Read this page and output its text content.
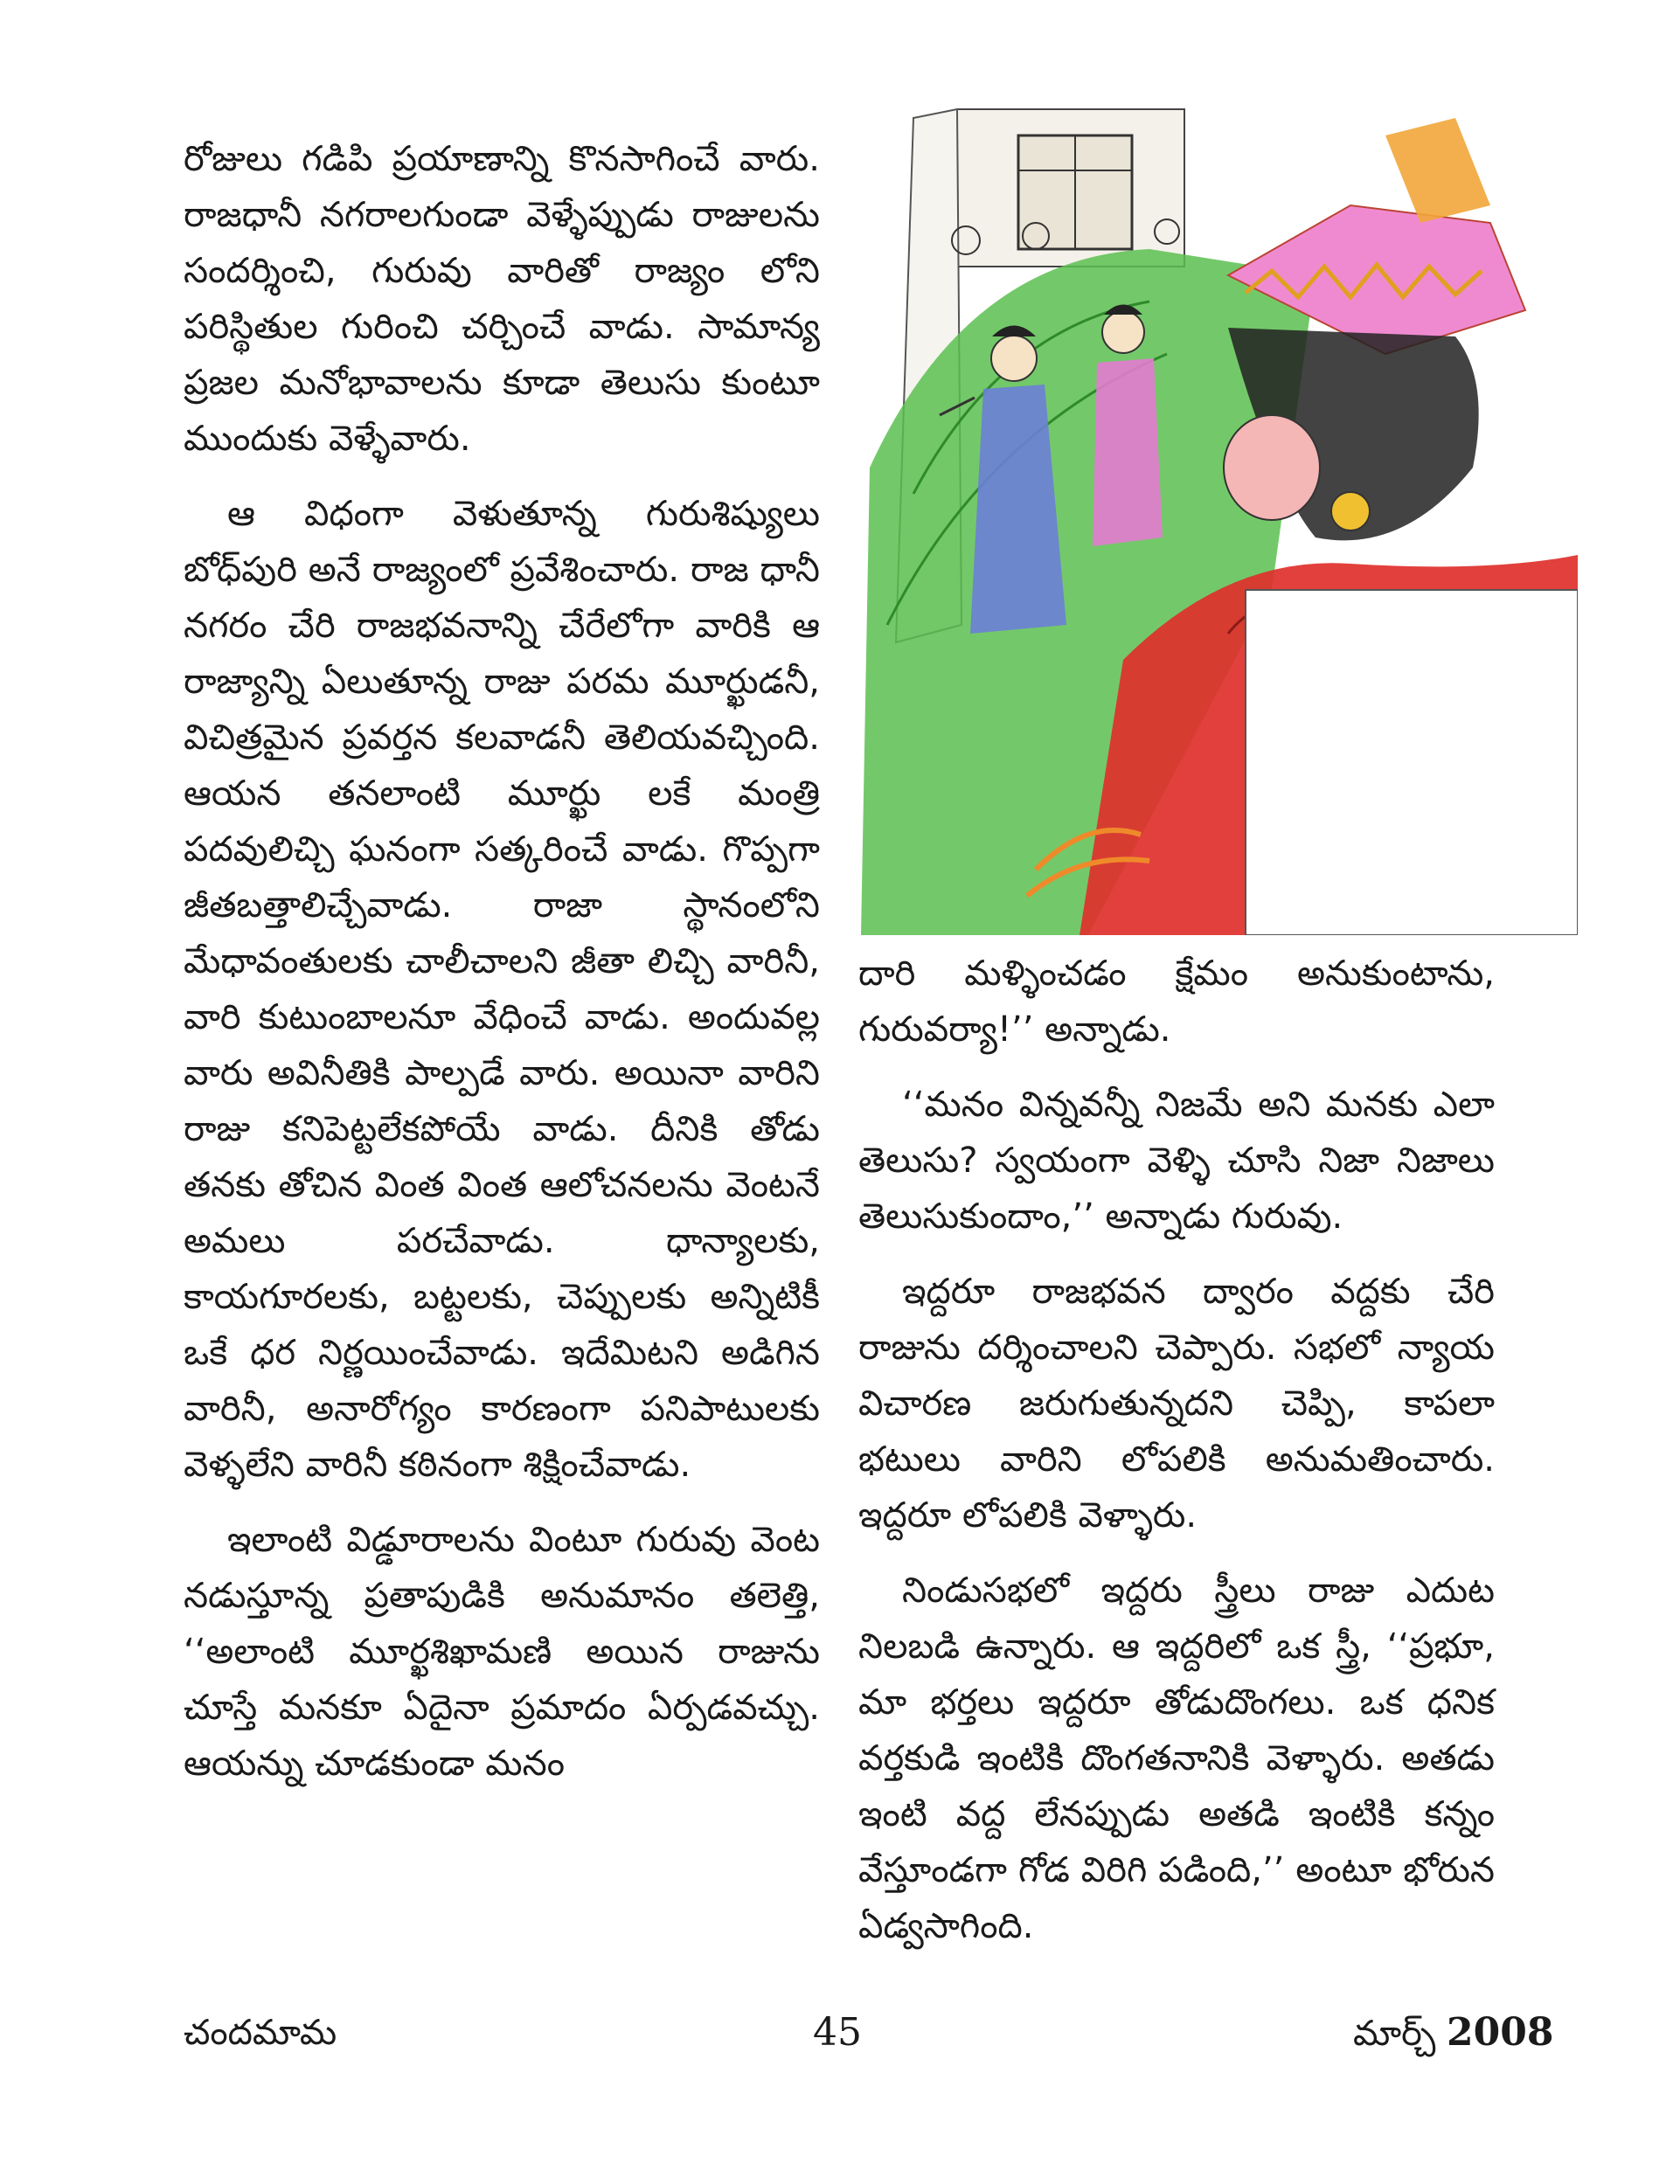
రోజులు గడిపి ప్రయాణాన్ని కొనసాగించే వారు. రాజధానీ నగరాలగుండా వెళ్ళేప్పుడు రాజులను సందర్శించి, గురువు వారితో రాజ్యం లోని పరిస్థితుల గురించి చర్చించే వాడు. సామాన్య ప్రజల మనోభావాలను కూడా తెలుసు కుంటూ ముందుకు వెళ్ళేవారు.

ఆ విధంగా వెళుతూన్న గురుశిష్యులు బోధ్‌పురి అనే రాజ్యంలో ప్రవేశించారు. రాజ ధానీ నగరం చేరి రాజభవనాన్ని చేరేలోగా వారికి ఆ రాజ్యాన్ని ఏలుతూన్న రాజు పరమ మూర్ఖుడనీ, విచిత్రమైన ప్రవర్తన కలవాడనీ తెలియవచ్చింది. ఆయన తనలాంటి మూర్ఖు లకే మంత్రి పదవులిచ్చి ఘనంగా సత్కరించే వాడు. గొప్పగా జీతబత్తాలిచ్చేవాడు. రాజా స్థానంలోని మేధావంతులకు చాలీచాలని జీతా లిచ్చి వారినీ, వారి కుటుంబాలనూ వేధించే వాడు. అందువల్ల వారు అవినీతికి పాల్పడే వారు. అయినా వారిని రాజు కనిపెట్టలేకపోయే వాడు. దీనికి తోడు తనకు తోచిన వింత వింత ఆలోచనలను వెంటనే అమలు పరచేవాడు. ధాన్యాలకు, కాయగూరలకు, బట్టలకు, చెప్పులకు అన్నిటికీ ఒకే ధర నిర్ణయించేవాడు. ఇదేమిటని అడిగిన వారినీ, అనారోగ్యం కారణంగా పనిపాటులకు వెళ్ళలేని వారినీ కఠినంగా శిక్షించేవాడు.

ఇలాంటి విడ్డూరాలను వింటూ గురువు వెంట నడుస్తూన్న ప్రతాపుడికి అనుమానం తలెత్తి, ‘‘అలాంటి మూర్ఖశిఖామణి అయిన రాజును చూస్తే మనకూ ఏదైనా ప్రమాదం ఏర్పడవచ్చు. ఆయన్ను చూడకుండా మనం

దారి మళ్ళించడం క్షేమం అనుకుంటాను, గురువర్యా!’’ అన్నాడు.

‘‘మనం విన్నవన్నీ నిజమే అని మనకు ఎలా తెలుసు? స్వయంగా వెళ్ళి చూసి నిజా నిజాలు తెలుసుకుందాం,’’ అన్నాడు గురువు.

ఇద్దరూ రాజభవన ద్వారం వద్దకు చేరి రాజును దర్శించాలని చెప్పారు. సభలో న్యాయ విచారణ జరుగుతున్నదని చెప్పి, కాపలా భటులు వారిని లోపలికి అనుమతించారు. ఇద్దరూ లోపలికి వెళ్ళారు.

నిండుసభలో ఇద్దరు స్త్రీలు రాజు ఎదుట నిలబడి ఉన్నారు. ఆ ఇద్దరిలో ఒక స్త్రీ, ‘‘ప్రభూ, మా భర్తలు ఇద్దరూ తోడుదొంగలు. ఒక ధనిక వర్తకుడి ఇంటికి దొంగతనానికి వెళ్ళారు. అతడు ఇంటి వద్ద లేనప్పుడు అతడి ఇంటికి కన్నం వేస్తూండగా గోడ విరిగి పడింది,’’ అంటూ భోరున ఏడ్వసాగింది.

చందమామ	45	మార్చ్ 2008
